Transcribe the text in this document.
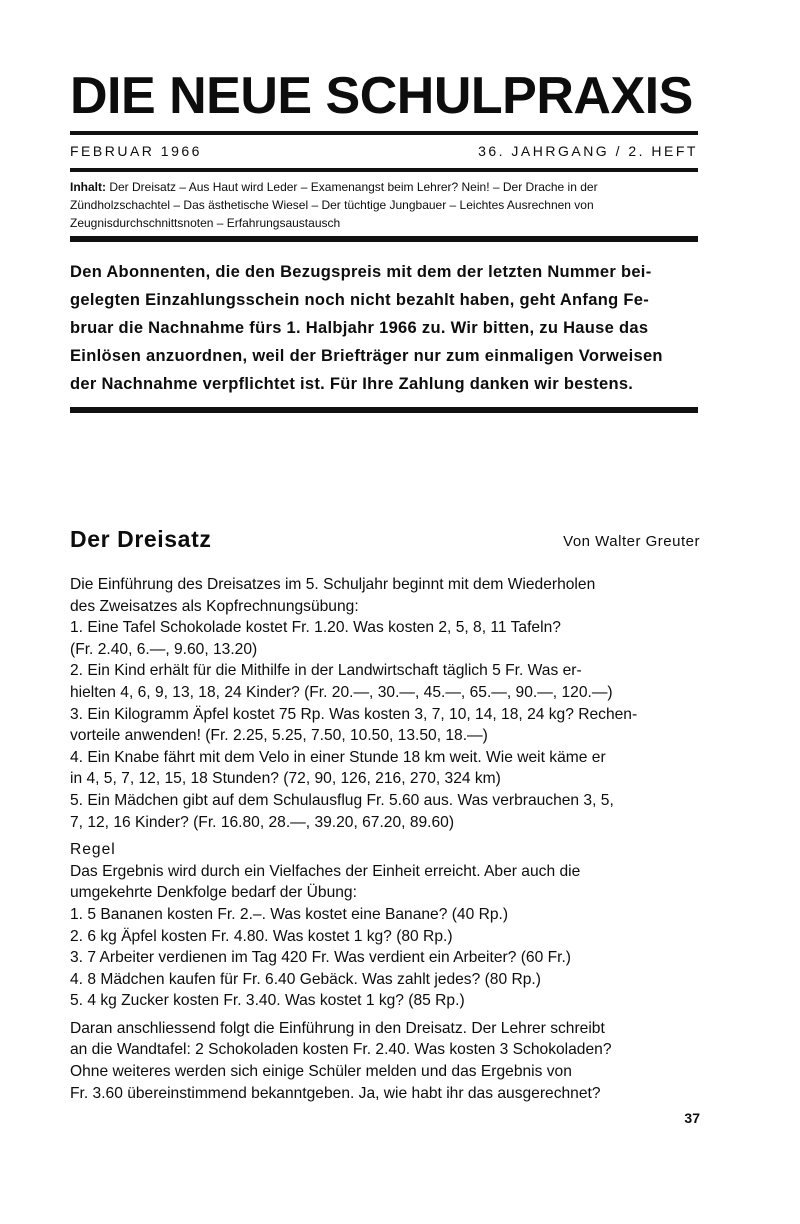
DIE NEUE SCHULPRAXIS
FEBRUAR 1966	36. JAHRGANG / 2. HEFT
Inhalt: Der Dreisatz – Aus Haut wird Leder – Examenangst beim Lehrer? Nein! – Der Drache in der Zündholzschachtel – Das ästhetische Wiesel – Der tüchtige Jungbauer – Leichtes Ausrechnen von Zeugnisdurchschnittsnoten – Erfahrungsaustausch
Den Abonnenten, die den Bezugspreis mit dem der letzten Nummer bei-
gelegten Einzahlungsschein noch nicht bezahlt haben, geht Anfang Fe-
bruar die Nachnahme fürs 1. Halbjahr 1966 zu. Wir bitten, zu Hause das
Einlösen anzuordnen, weil der Briefträger nur zum einmaligen Vorweisen
der Nachnahme verpflichtet ist. Für Ihre Zahlung danken wir bestens.
Der Dreisatz	Von Walter Greuter
Die Einführung des Dreisatzes im 5. Schuljahr beginnt mit dem Wiederholen
des Zweisatzes als Kopfrechnungsübung:
1. Eine Tafel Schokolade kostet Fr. 1.20. Was kosten 2, 5, 8, 11 Tafeln?
(Fr. 2.40, 6.—, 9.60, 13.20)
2. Ein Kind erhält für die Mithilfe in der Landwirtschaft täglich 5 Fr. Was er-
hielten 4, 6, 9, 13, 18, 24 Kinder? (Fr. 20.—, 30.—, 45.—, 65.—, 90.—, 120.—)
3. Ein Kilogramm Äpfel kostet 75 Rp. Was kosten 3, 7, 10, 14, 18, 24 kg? Rechen-
vorteile anwenden! (Fr. 2.25, 5.25, 7.50, 10.50, 13.50, 18.—)
4. Ein Knabe fährt mit dem Velo in einer Stunde 18 km weit. Wie weit käme er
in 4, 5, 7, 12, 15, 18 Stunden? (72, 90, 126, 216, 270, 324 km)
5. Ein Mädchen gibt auf dem Schulausflug Fr. 5.60 aus. Was verbrauchen 3, 5,
7, 12, 16 Kinder? (Fr. 16.80, 28.—, 39.20, 67.20, 89.60)
Regel
Das Ergebnis wird durch ein Vielfaches der Einheit erreicht. Aber auch die
umgekehrte Denkfolge bedarf der Übung:
1. 5 Bananen kosten Fr. 2.–. Was kostet eine Banane? (40 Rp.)
2. 6 kg Äpfel kosten Fr. 4.80. Was kostet 1 kg? (80 Rp.)
3. 7 Arbeiter verdienen im Tag 420 Fr. Was verdient ein Arbeiter? (60 Fr.)
4. 8 Mädchen kaufen für Fr. 6.40 Gebäck. Was zahlt jedes? (80 Rp.)
5. 4 kg Zucker kosten Fr. 3.40. Was kostet 1 kg? (85 Rp.)
Daran anschliessend folgt die Einführung in den Dreisatz. Der Lehrer schreibt
an die Wandtafel: 2 Schokoladen kosten Fr. 2.40. Was kosten 3 Schokoladen?
Ohne weiteres werden sich einige Schüler melden und das Ergebnis von
Fr. 3.60 übereinstimmend bekanntgeben. Ja, wie habt ihr das ausgerechnet?
37
